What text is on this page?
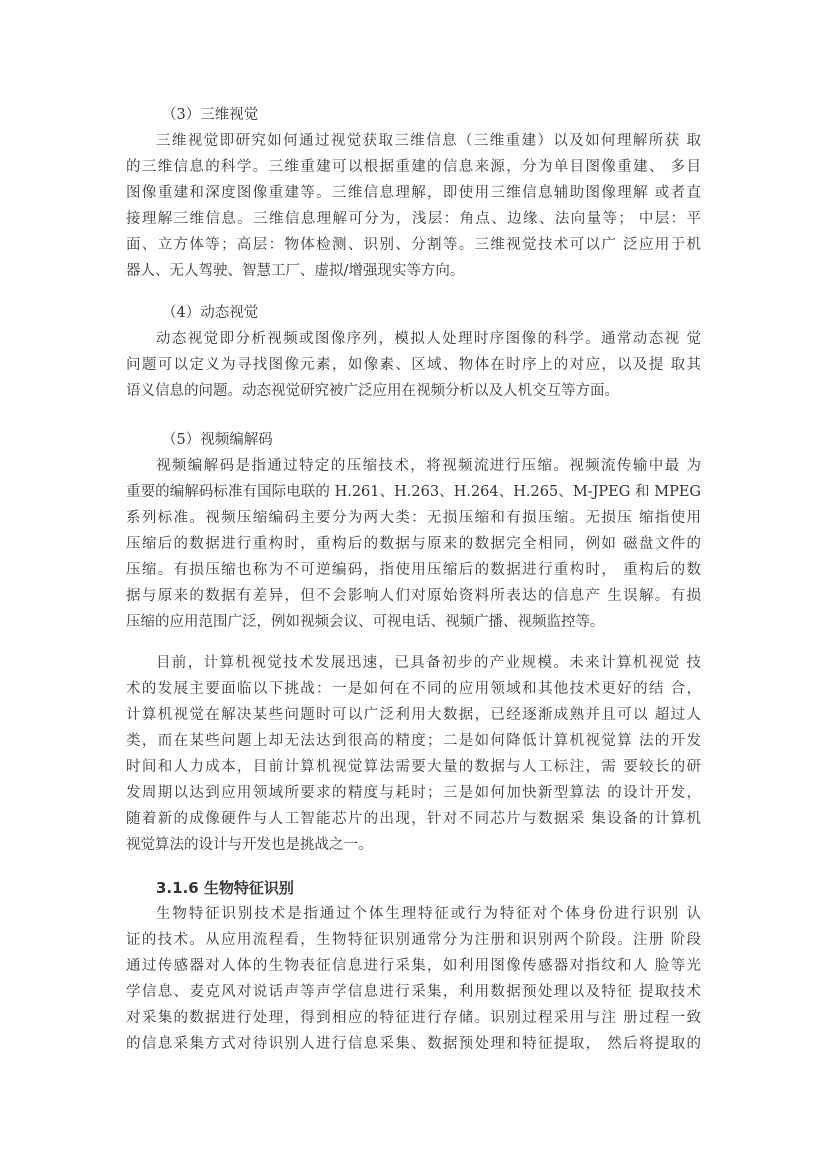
（3）三维视觉
三维视觉即研究如何通过视觉获取三维信息（三维重建）以及如何理解所获 取
的三维信息的科学。三维重建可以根据重建的信息来源，分为单目图像重建、 多目
图像重建和深度图像重建等。三维信息理解，即使用三维信息辅助图像理解 或者直
接理解三维信息。三维信息理解可分为，浅层：角点、边缘、法向量等； 中层：平
面、立方体等；高层：物体检测、识别、分割等。三维视觉技术可以广 泛应用于机
器人、无人驾驶、智慧工厂、虚拟/增强现实等方向。
（4）动态视觉
动态视觉即分析视频或图像序列，模拟人处理时序图像的科学。通常动态视 觉
问题可以定义为寻找图像元素，如像素、区域、物体在时序上的对应，以及提 取其
语义信息的问题。动态视觉研究被广泛应用在视频分析以及人机交互等方面。
（5）视频编解码
视频编解码是指通过特定的压缩技术，将视频流进行压缩。视频流传输中最 为
重要的编解码标准有国际电联的 H.261、H.263、H.264、H.265、M-JPEG 和 MPEG
系列标准。视频压缩编码主要分为两大类：无损压缩和有损压缩。无损压 缩指使用
压缩后的数据进行重构时，重构后的数据与原来的数据完全相同，例如 磁盘文件的
压缩。有损压缩也称为不可逆编码，指使用压缩后的数据进行重构时， 重构后的数
据与原来的数据有差异，但不会影响人们对原始资料所表达的信息产 生误解。有损
压缩的应用范围广泛，例如视频会议、可视电话、视频广播、视频监控等。
目前，计算机视觉技术发展迅速，已具备初步的产业规模。未来计算机视觉 技
术的发展主要面临以下挑战：一是如何在不同的应用领域和其他技术更好的结 合，
计算机视觉在解决某些问题时可以广泛利用大数据，已经逐渐成熟并且可以 超过人
类，而在某些问题上却无法达到很高的精度；二是如何降低计算机视觉算 法的开发
时间和人力成本，目前计算机视觉算法需要大量的数据与人工标注，需 要较长的研
发周期以达到应用领域所要求的精度与耗时；三是如何加快新型算法 的设计开发，
随着新的成像硬件与人工智能芯片的出现，针对不同芯片与数据采 集设备的计算机
视觉算法的设计与开发也是挑战之一。
3.1.6 生物特征识别
生物特征识别技术是指通过个体生理特征或行为特征对个体身份进行识别 认
证的技术。从应用流程看，生物特征识别通常分为注册和识别两个阶段。注册 阶段
通过传感器对人体的生物表征信息进行采集，如利用图像传感器对指纹和人 脸等光
学信息、麦克风对说话声等声学信息进行采集，利用数据预处理以及特征 提取技术
对采集的数据进行处理，得到相应的特征进行存储。识别过程采用与注 册过程一致
的信息采集方式对待识别人进行信息采集、数据预处理和特征提取， 然后将提取的
